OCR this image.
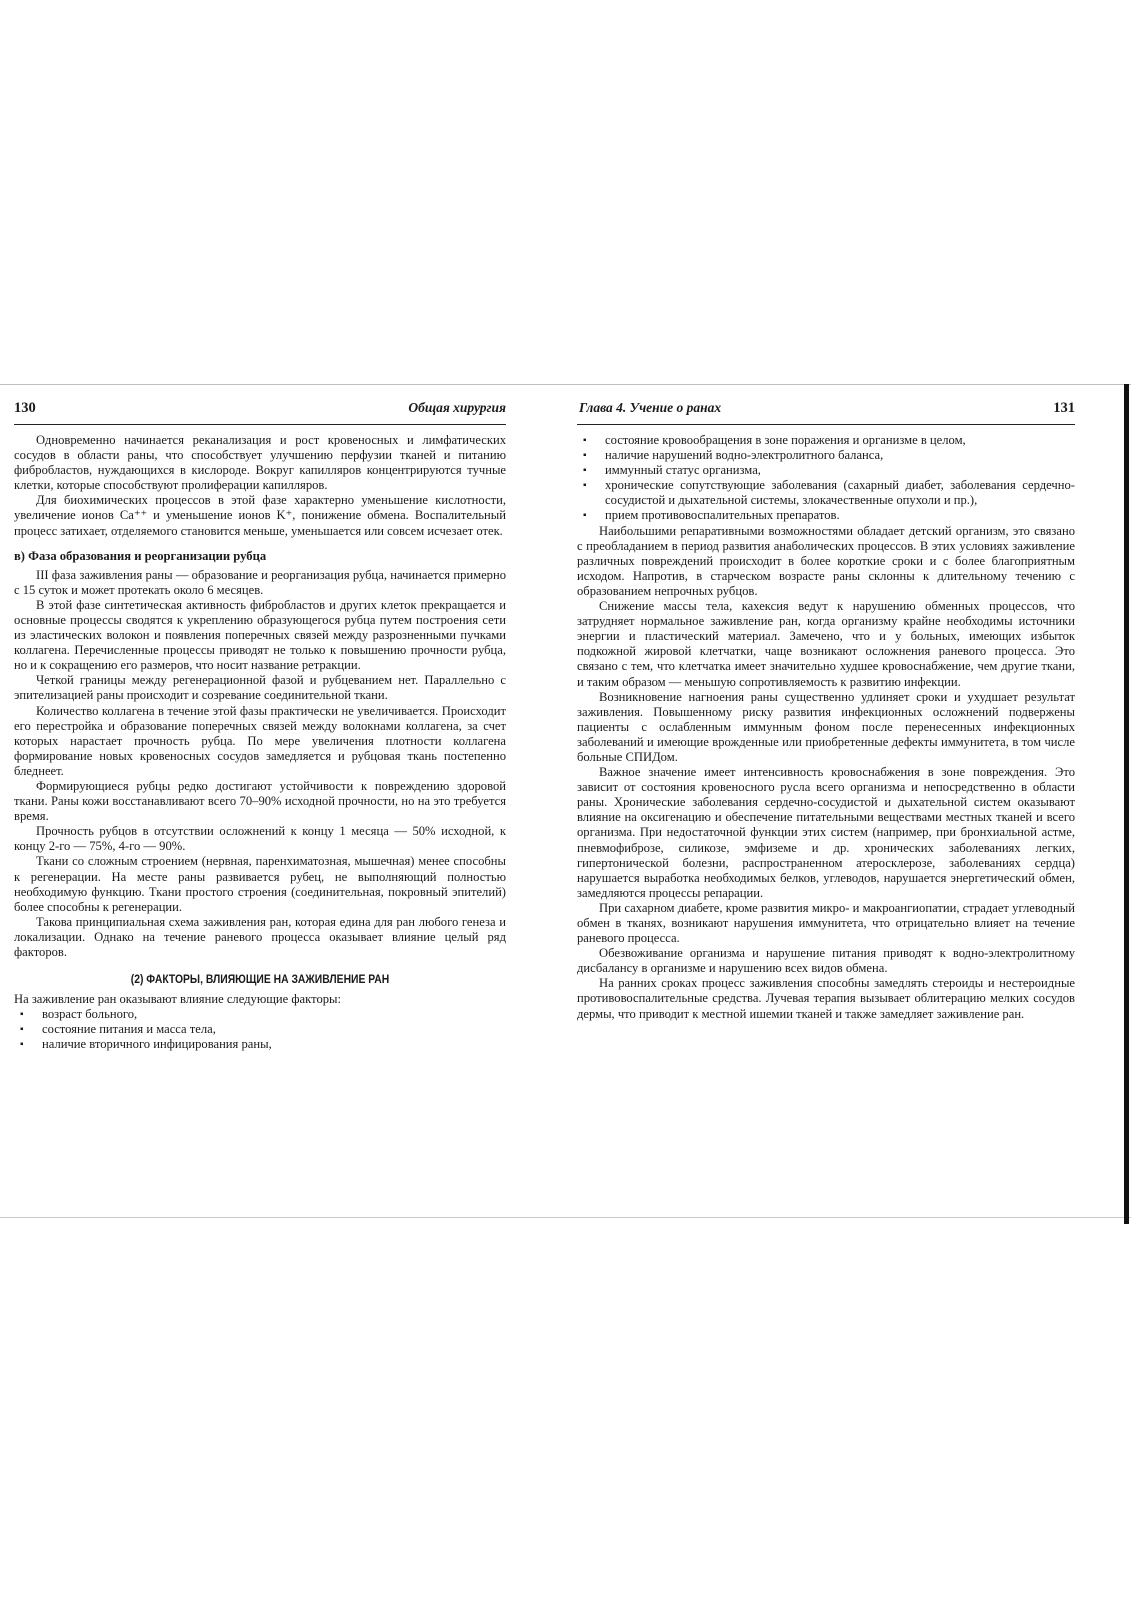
130	Общая хирургия

Одновременно начинается реканализация и рост кровеносных и лимфатических сосудов в области раны, что способствует улучшению перфузии тканей и питанию фибробластов, нуждающихся в кислороде. Вокруг капилляров концентрируются тучные клетки, которые способствуют пролиферации капилляров.

Для биохимических процессов в этой фазе характерно уменьшение кислотности, увеличение ионов Ca⁺⁺ и уменьшение ионов K⁺, понижение обмена. Воспалительный процесс затихает, отделяемого становится меньше, уменьшается или совсем исчезает отек.

в) Фаза образования и реорганизации рубца

III фаза заживления раны — образование и реорганизация рубца, начинается примерно с 15 суток и может протекать около 6 месяцев.

В этой фазе синтетическая активность фибробластов и других клеток прекращается и основные процессы сводятся к укреплению образующегося рубца путем построения сети из эластических волокон и появления поперечных связей между разрозненными пучками коллагена. Перечисленные процессы приводят не только к повышению прочности рубца, но и к сокращению его размеров, что носит название ретракции.

Четкой границы между регенерационной фазой и рубцеванием нет. Параллельно с эпителизацией раны происходит и созревание соединительной ткани.

Количество коллагена в течение этой фазы практически не увеличивается. Происходит его перестройка и образование поперечных связей между волокнами коллагена, за счет которых нарастает прочность рубца. По мере увеличения плотности коллагена формирование новых кровеносных сосудов замедляется и рубцовая ткань постепенно бледнеет.

Формирующиеся рубцы редко достигают устойчивости к повреждению здоровой ткани. Раны кожи восстанавливают всего 70–90% исходной прочности, но на это требуется время.

Прочность рубцов в отсутствии осложнений к концу 1 месяца — 50% исходной, к концу 2-го — 75%, 4-го — 90%.

Ткани со сложным строением (нервная, паренхиматозная, мышечная) менее способны к регенерации. На месте раны развивается рубец, не выполняющий полностью необходимую функцию. Ткани простого строения (соединительная, покровный эпителий) более способны к регенерации.

Такова принципиальная схема заживления ран, которая едина для ран любого генеза и локализации. Однако на течение раневого процесса оказывает влияние целый ряд факторов.

(2) ФАКТОРЫ, ВЛИЯЮЩИЕ НА ЗАЖИВЛЕНИЕ РАН

На заживление ран оказывают влияние следующие факторы:

▪ возраст больного,
▪ состояние питания и масса тела,
▪ наличие вторичного инфицирования раны,
Глава 4. Учение о ранах	131
▪ состояние кровообращения в зоне поражения и организме в целом,
▪ наличие нарушений водно-электролитного баланса,
▪ иммунный статус организма,
▪ хронические сопутствующие заболевания (сахарный диабет, заболевания сердечно-сосудистой и дыхательной системы, злокачественные опухоли и пр.),
▪ прием противовоспалительных препаратов.

Наибольшими репаративными возможностями обладает детский организм, это связано с преобладанием в период развития анаболических процессов. В этих условиях заживление различных повреждений происходит в более короткие сроки и с более благоприятным исходом. Напротив, в старческом возрасте раны склонны к длительному течению с образованием непрочных рубцов.

Снижение массы тела, кахексия ведут к нарушению обменных процессов, что затрудняет нормальное заживление ран, когда организму крайне необходимы источники энергии и пластический материал. Замечено, что и у больных, имеющих избыток подкожной жировой клетчатки, чаще возникают осложнения раневого процесса. Это связано с тем, что клетчатка имеет значительно худшее кровоснабжение, чем другие ткани, и таким образом — меньшую сопротивляемость к развитию инфекции.

Возникновение нагноения раны существенно удлиняет сроки и ухудшает результат заживления. Повышенному риску развития инфекционных осложнений подвержены пациенты с ослабленным иммунным фоном после перенесенных инфекционных заболеваний и имеющие врожденные или приобретенные дефекты иммунитета, в том числе больные СПИДом.

Важное значение имеет интенсивность кровоснабжения в зоне повреждения. Это зависит от состояния кровеносного русла всего организма и непосредственно в области раны. Хронические заболевания сердечно-сосудистой и дыхательной систем оказывают влияние на оксигенацию и обеспечение питательными веществами местных тканей и всего организма. При недостаточной функции этих систем (например, при бронхиальной астме, пневмофиброзе, силикозе, эмфиземе и др. хронических заболеваниях легких, гипертонической болезни, распространенном атеросклерозе, заболеваниях сердца) нарушается выработка необходимых белков, углеводов, нарушается энергетический обмен, замедляются процессы репарации.

При сахарном диабете, кроме развития микро- и макроангиопатии, страдает углеводный обмен в тканях, возникают нарушения иммунитета, что отрицательно влияет на течение раневого процесса.

Обезвоживание организма и нарушение питания приводят к водно-электролитному дисбалансу в организме и нарушению всех видов обмена.

На ранних сроках процесс заживления способны замедлять стероиды и нестероидные противовоспалительные средства. Лучевая терапия вызывает облитерацию мелких сосудов дермы, что приводит к местной ишемии тканей и также замедляет заживление ран.
